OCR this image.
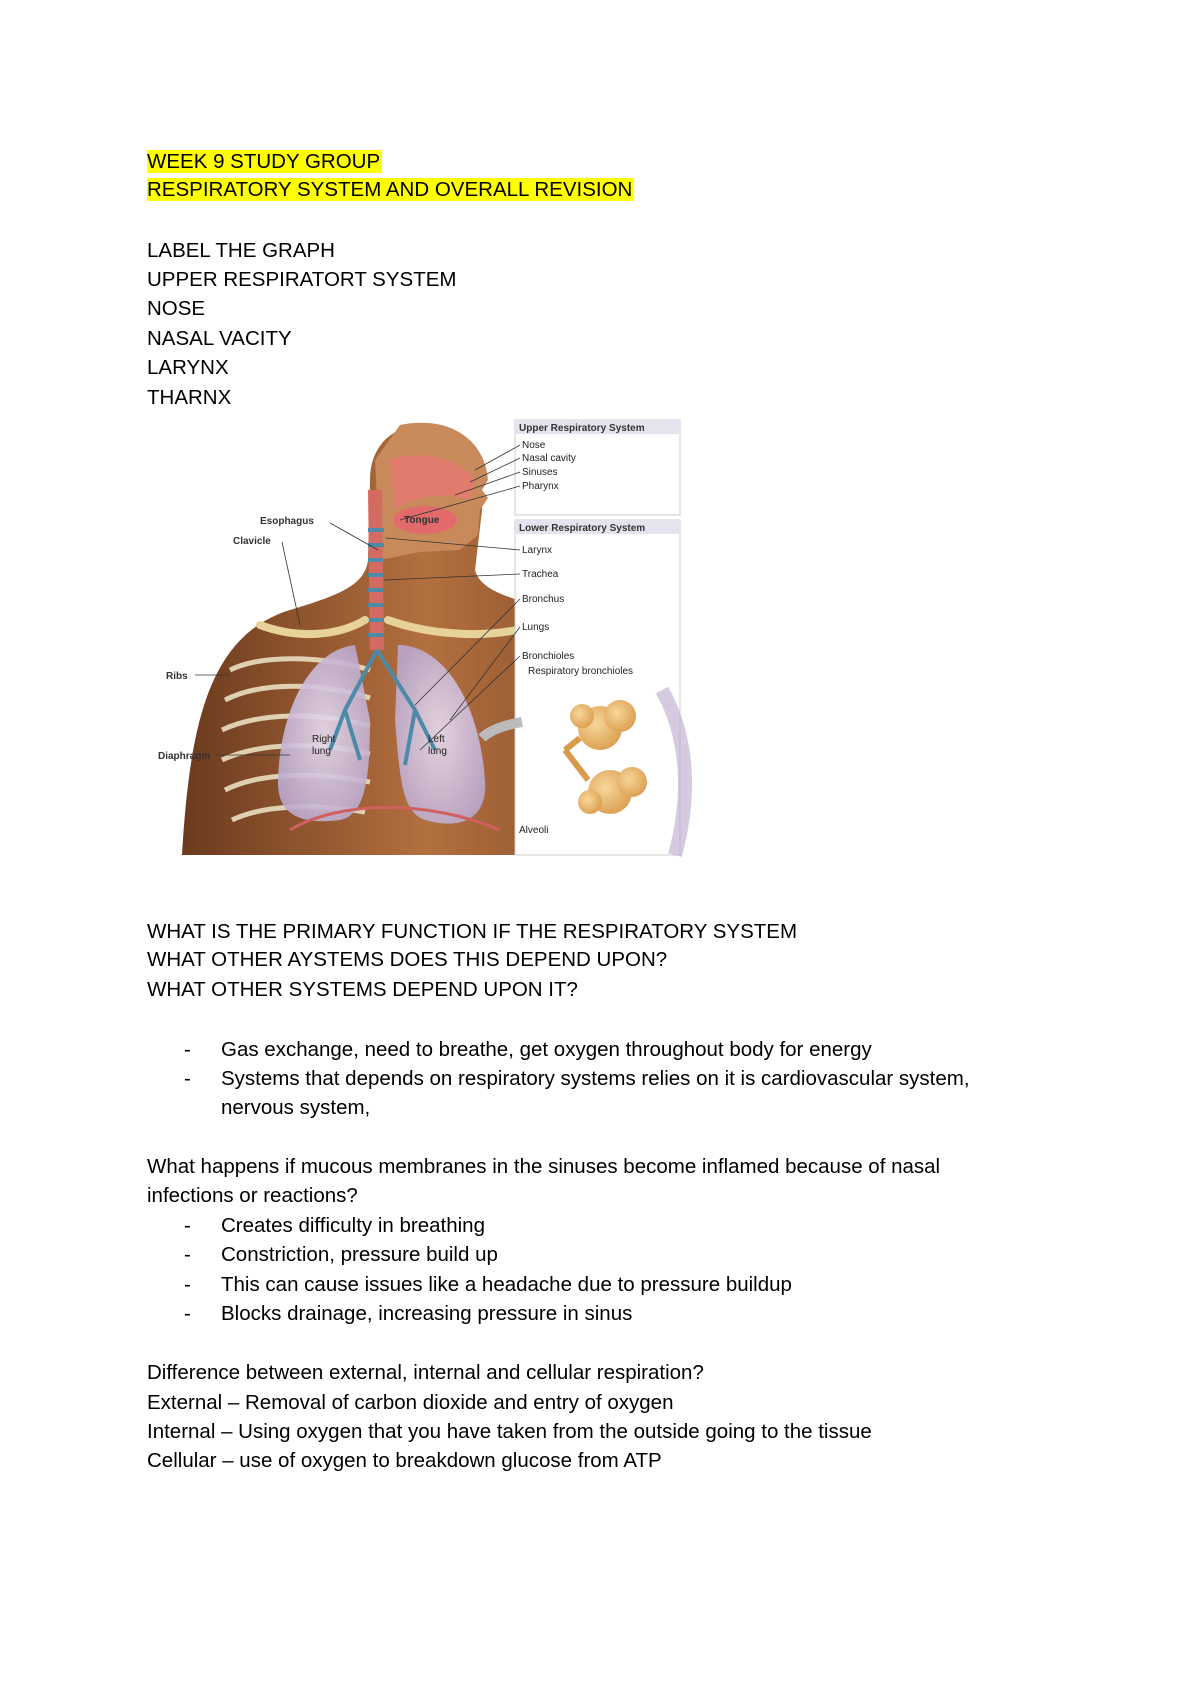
WEEK 9 STUDY GROUP
RESPIRATORY SYSTEM AND OVERALL REVISION
LABEL THE GRAPH
UPPER RESPIRATORT SYSTEM
NOSE
NASAL VACITY
LARYNX
THARNX
Upper Respiratory System
Nose
Nasal cavity
Sinuses
Pharynx
Lower Respiratory System
Larynx
Trachea
Bronchus
Lungs
Bronchioles
Respiratory bronchioles
Alveoli
Esophagus
Clavicle
Ribs
Diaphragm
Tongue
Right
lung
Left
lung
WHAT IS THE PRIMARY FUNCTION IF THE RESPIRATORY SYSTEM
WHAT OTHER AYSTEMS DOES THIS DEPEND UPON?
WHAT OTHER SYSTEMS DEPEND UPON IT?
- Gas exchange, need to breathe, get oxygen throughout body for energy
- Systems that depends on respiratory systems relies on it is cardiovascular system,
nervous system,
What happens if mucous membranes in the sinuses become inflamed because of nasal
infections or reactions?
- Creates difficulty in breathing
- Constriction, pressure build up
- This can cause issues like a headache due to pressure buildup
- Blocks drainage, increasing pressure in sinus
Difference between external, internal and cellular respiration?
External – Removal of carbon dioxide and entry of oxygen
Internal – Using oxygen that you have taken from the outside going to the tissue
Cellular – use of oxygen to breakdown glucose from ATP
